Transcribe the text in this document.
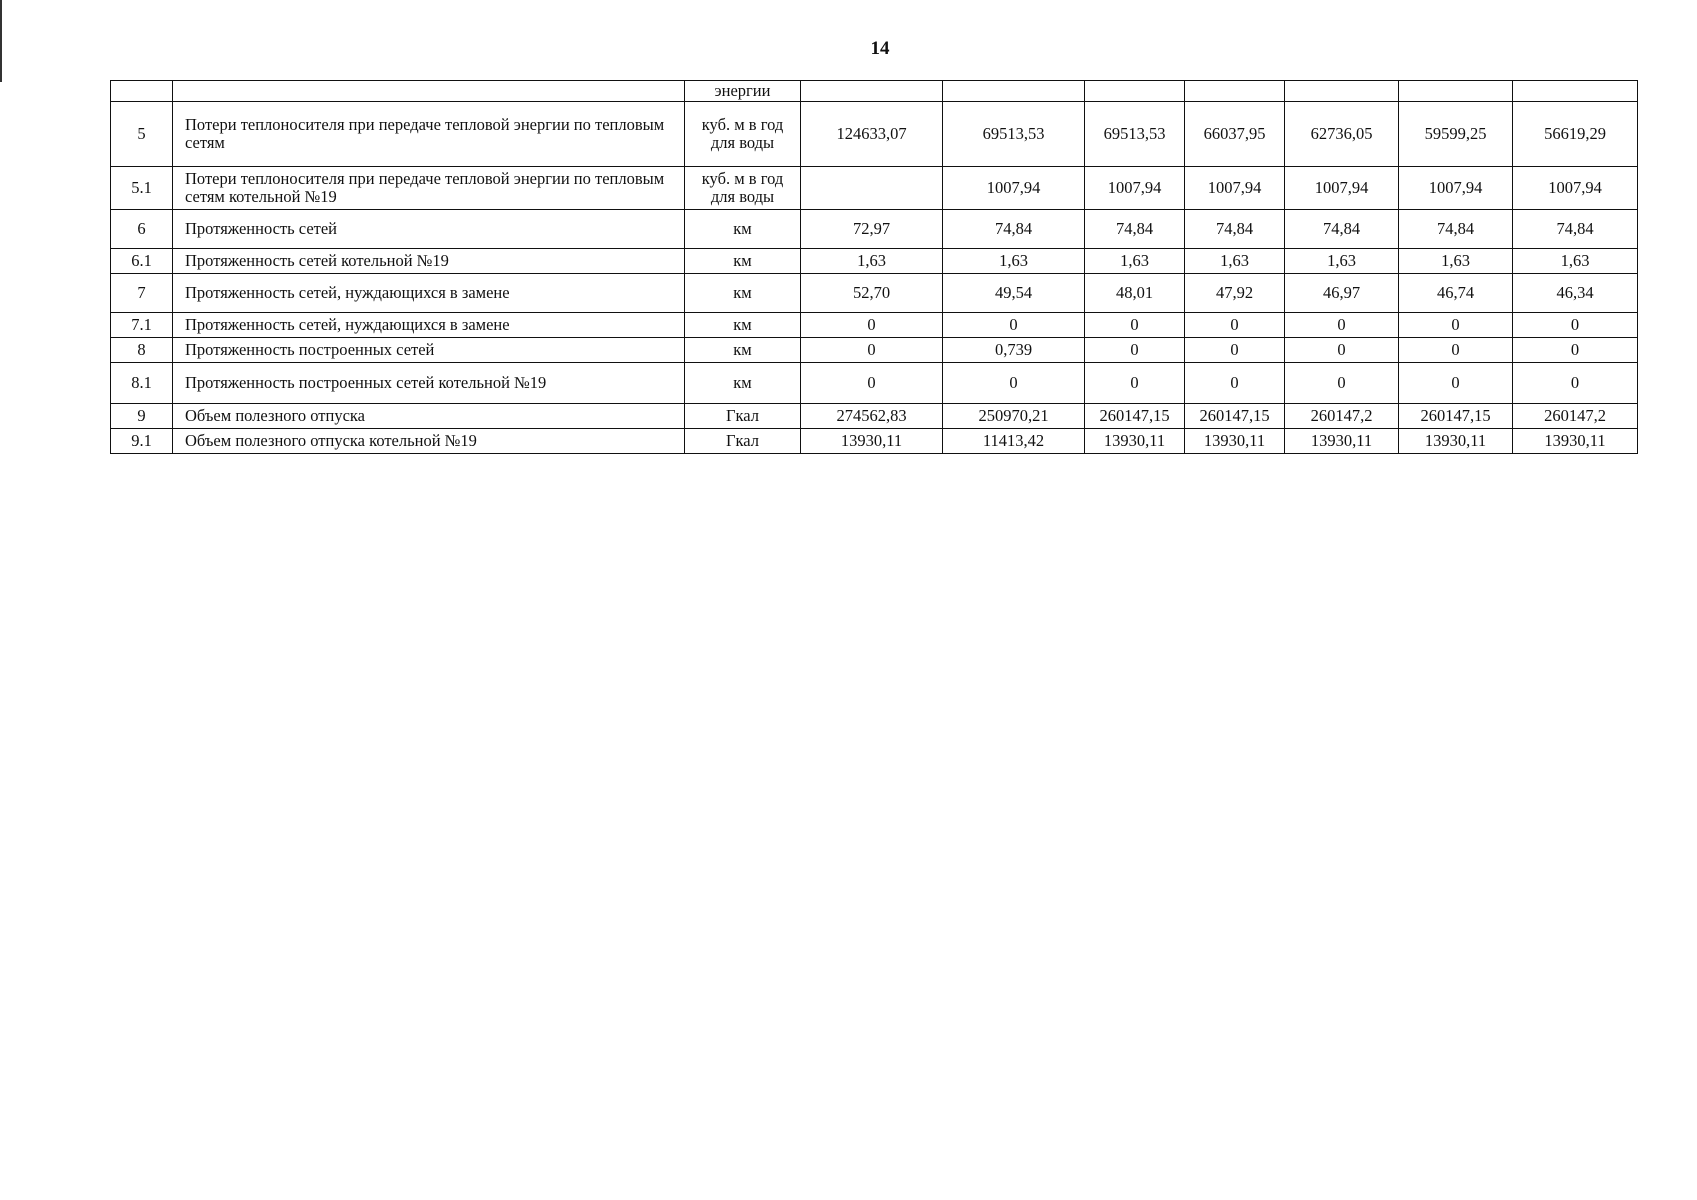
14
		энергии							
5	Потери теплоносителя при передаче тепловой энергии по тепловым сетям	куб. м в год для воды	124633,07	69513,53	69513,53	66037,95	62736,05	59599,25	56619,29
5.1	Потери теплоносителя при передаче тепловой энергии по тепловым сетям котельной №19	куб. м в год для воды		1007,94	1007,94	1007,94	1007,94	1007,94	1007,94
6	Протяженность сетей	км	72,97	74,84	74,84	74,84	74,84	74,84	74,84
6.1	Протяженность сетей котельной №19	км	1,63	1,63	1,63	1,63	1,63	1,63	1,63
7	Протяженность сетей, нуждающихся в замене	км	52,70	49,54	48,01	47,92	46,97	46,74	46,34
7.1	Протяженность сетей, нуждающихся в замене	км	0	0	0	0	0	0	0
8	Протяженность построенных сетей	км	0	0,739	0	0	0	0	0
8.1	Протяженность построенных сетей котельной №19	км	0	0	0	0	0	0	0
9	Объем полезного отпуска	Гкал	274562,83	250970,21	260147,15	260147,15	260147,2	260147,15	260147,2
9.1	Объем полезного отпуска котельной №19	Гкал	13930,11	11413,42	13930,11	13930,11	13930,11	13930,11	13930,11
